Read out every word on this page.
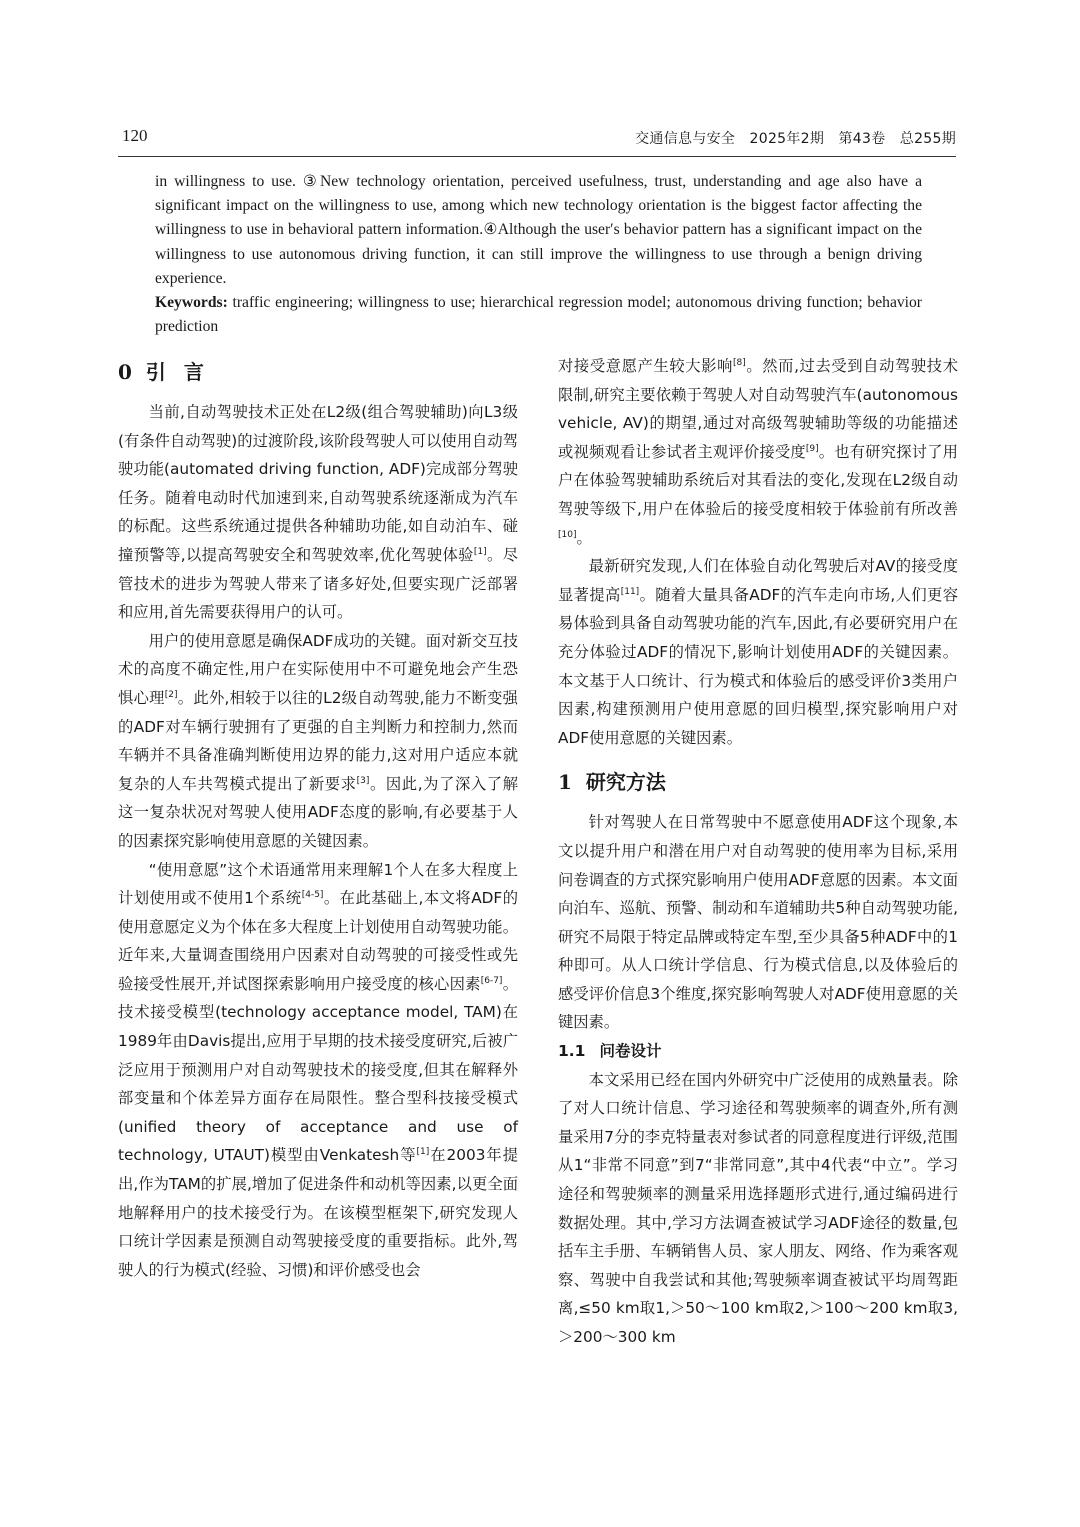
120	交通信息与安全　2025年2期　第43卷　总255期

in willingness to use. ③New technology orientation, perceived usefulness, trust, understanding and age also have a significant impact on the willingness to use, among which new technology orientation is the biggest factor affecting the willingness to use in behavioral pattern information.④Although the user′s behavior pattern has a significant impact on the willingness to use autonomous driving function, it can still improve the willingness to use through a benign driving experience.

Keywords: traffic engineering; willingness to use; hierarchical regression model; autonomous driving function; behavior prediction

0 引言

当前,自动驾驶技术正处在L2级(组合驾驶辅助)向L3级(有条件自动驾驶)的过渡阶段,该阶段驾驶人可以使用自动驾驶功能(automated driving function, ADF)完成部分驾驶任务。随着电动时代加速到来,自动驾驶系统逐渐成为汽车的标配。这些系统通过提供各种辅助功能,如自动泊车、碰撞预警等,以提高驾驶安全和驾驶效率,优化驾驶体验[1]。尽管技术的进步为驾驶人带来了诸多好处,但要实现广泛部署和应用,首先需要获得用户的认可。

用户的使用意愿是确保ADF成功的关键。面对新交互技术的高度不确定性,用户在实际使用中不可避免地会产生恐惧心理[2]。此外,相较于以往的L2级自动驾驶,能力不断变强的ADF对车辆行驶拥有了更强的自主判断力和控制力,然而车辆并不具备准确判断使用边界的能力,这对用户适应本就复杂的人车共驾模式提出了新要求[3]。因此,为了深入了解这一复杂状况对驾驶人使用ADF态度的影响,有必要基于人的因素探究影响使用意愿的关键因素。

“使用意愿”这个术语通常用来理解1个人在多大程度上计划使用或不使用1个系统[4-5]。在此基础上,本文将ADF的使用意愿定义为个体在多大程度上计划使用自动驾驶功能。近年来,大量调查围绕用户因素对自动驾驶的可接受性或先验接受性展开,并试图探索影响用户接受度的核心因素[6-7]。技术接受模型(technology acceptance model, TAM)在1989年由Davis提出,应用于早期的技术接受度研究,后被广泛应用于预测用户对自动驾驶技术的接受度,但其在解释外部变量和个体差异方面存在局限性。整合型科技接受模式(unified theory of acceptance and use of technology, UTAUT)模型由Venkatesh等[1]在2003年提出,作为TAM的扩展,增加了促进条件和动机等因素,以更全面地解释用户的技术接受行为。在该模型框架下,研究发现人口统计学因素是预测自动驾驶接受度的重要指标。此外,驾驶人的行为模式(经验、习惯)和评价感受也会

对接受意愿产生较大影响[8]。然而,过去受到自动驾驶技术限制,研究主要依赖于驾驶人对自动驾驶汽车(autonomous vehicle, AV)的期望,通过对高级驾驶辅助等级的功能描述或视频观看让参试者主观评价接受度[9]。也有研究探讨了用户在体验驾驶辅助系统后对其看法的变化,发现在L2级自动驾驶等级下,用户在体验后的接受度相较于体验前有所改善[10]。

最新研究发现,人们在体验自动化驾驶后对AV的接受度显著提高[11]。随着大量具备ADF的汽车走向市场,人们更容易体验到具备自动驾驶功能的汽车,因此,有必要研究用户在充分体验过ADF的情况下,影响计划使用ADF的关键因素。本文基于人口统计、行为模式和体验后的感受评价3类用户因素,构建预测用户使用意愿的回归模型,探究影响用户对ADF使用意愿的关键因素。

1 研究方法

针对驾驶人在日常驾驶中不愿意使用ADF这个现象,本文以提升用户和潜在用户对自动驾驶的使用率为目标,采用问卷调查的方式探究影响用户使用ADF意愿的因素。本文面向泊车、巡航、预警、制动和车道辅助共5种自动驾驶功能,研究不局限于特定品牌或特定车型,至少具备5种ADF中的1种即可。从人口统计学信息、行为模式信息,以及体验后的感受评价信息3个维度,探究影响驾驶人对ADF使用意愿的关键因素。

1.1 问卷设计

本文采用已经在国内外研究中广泛使用的成熟量表。除了对人口统计信息、学习途径和驾驶频率的调查外,所有测量采用7分的李克特量表对参试者的同意程度进行评级,范围从1“非常不同意”到7“非常同意”,其中4代表“中立”。学习途径和驾驶频率的测量采用选择题形式进行,通过编码进行数据处理。其中,学习方法调查被试学习ADF途径的数量,包括车主手册、车辆销售人员、家人朋友、网络、作为乘客观察、驾驶中自我尝试和其他;驾驶频率调查被试平均周驾距离,≤50 km取1,＞50～100 km取2,＞100～200 km取3,＞200～300 km
